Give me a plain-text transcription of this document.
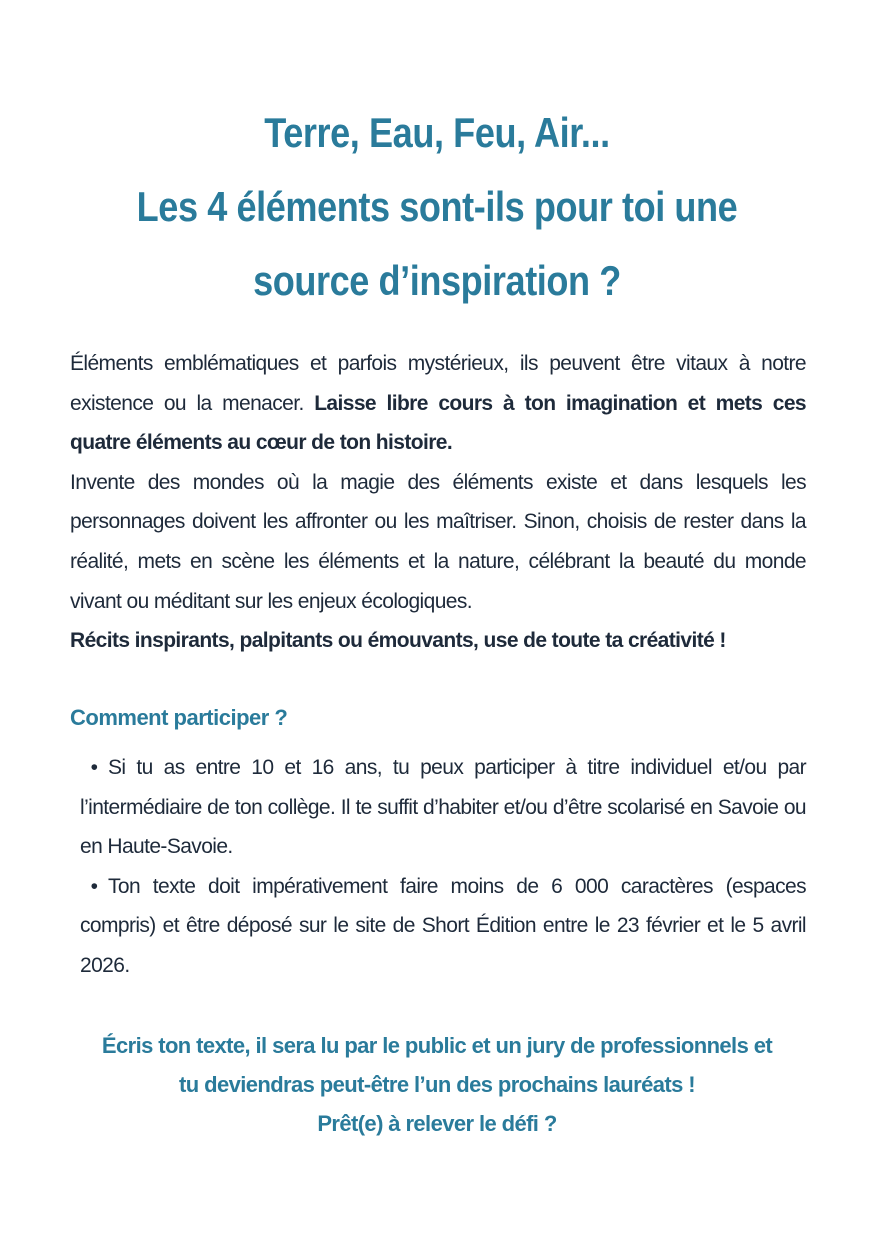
Terre, Eau, Feu, Air...
Les 4 éléments sont-ils pour toi une
source d’inspiration ?

Éléments emblématiques et parfois mystérieux, ils peuvent être vitaux à notre existence ou la menacer. Laisse libre cours à ton imagination et mets ces quatre éléments au cœur de ton histoire.

Invente des mondes où la magie des éléments existe et dans lesquels les personnages doivent les affronter ou les maîtriser. Sinon, choisis de rester dans la réalité, mets en scène les éléments et la nature, célébrant la beauté du monde vivant ou méditant sur les enjeux écologiques.

Récits inspirants, palpitants ou émouvants, use de toute ta créativité !

Comment participer ?
• Si tu as entre 10 et 16 ans, tu peux participer à titre individuel et/ou par l’intermédiaire de ton collège. Il te suffit d’habiter et/ou d’être scolarisé en Savoie ou en Haute-Savoie.
• Ton texte doit impérativement faire moins de 6 000 caractères (espaces compris) et être déposé sur le site de Short Édition entre le 23 février et le 5 avril 2026.
Écris ton texte, il sera lu par le public et un jury de professionnels et
tu deviendras peut-être l’un des prochains lauréats !
Prêt(e) à relever le défi ?
